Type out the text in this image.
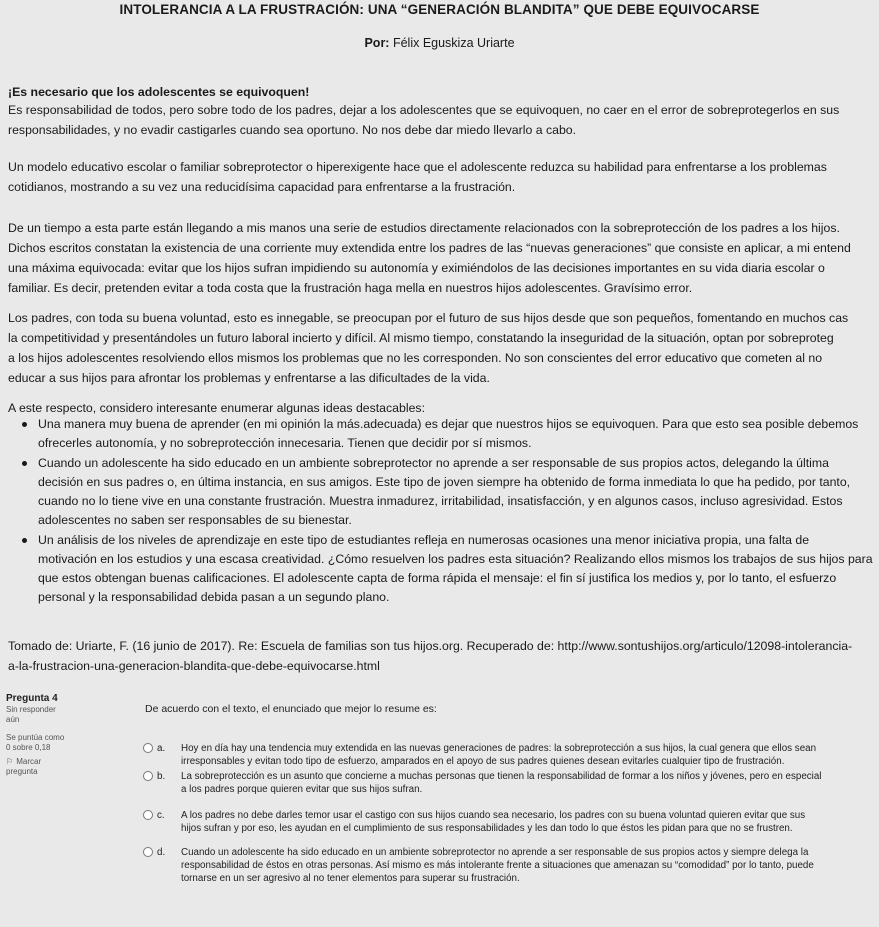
INTOLERANCIA A LA FRUSTRACIÓN: UNA “GENERACIÓN BLANDITA” QUE DEBE EQUIVOCARSE
Por: Félix Eguskiza Uriarte
¡Es necesario que los adolescentes se equivoquen!
Es responsabilidad de todos, pero sobre todo de los padres, dejar a los adolescentes que se equivoquen, no caer en el error de sobreprotegerlos en sus
responsabilidades, y no evadir castigarles cuando sea oportuno. No nos debe dar miedo llevarlo a cabo.
Un modelo educativo escolar o familiar sobreprotector o hiperexigente hace que el adolescente reduzca su habilidad para enfrentarse a los problemas
cotidianos, mostrando a su vez una reducidísima capacidad para enfrentarse a la frustración.
De un tiempo a esta parte están llegando a mis manos una serie de estudios directamente relacionados con la sobreprotección de los padres a los hijos.
Dichos escritos constatan la existencia de una corriente muy extendida entre los padres de las “nuevas generaciones” que consiste en aplicar, a mi entend
una máxima equivocada: evitar que los hijos sufran impidiendo su autonomía y eximiéndolos de las decisiones importantes en su vida diaria escolar o
familiar. Es decir, pretenden evitar a toda costa que la frustración haga mella en nuestros hijos adolescentes. Gravísimo error.
Los padres, con toda su buena voluntad, esto es innegable, se preocupan por el futuro de sus hijos desde que son pequeños, fomentando en muchos cas
la competitividad y presentándoles un futuro laboral incierto y difícil. Al mismo tiempo, constatando la inseguridad de la situación, optan por sobreproteg
a los hijos adolescentes resolviendo ellos mismos los problemas que no les corresponden. No son conscientes del error educativo que cometen al no
educar a sus hijos para afrontar los problemas y enfrentarse a las dificultades de la vida.
A este respecto, considero interesante enumerar algunas ideas destacables:
Una manera muy buena de aprender (en mi opinión la más.adecuada) es dejar que nuestros hijos se equivoquen. Para que esto sea posible debemos
ofrecerles autonomía, y no sobreprotección innecesaria. Tienen que decidir por sí mismos.
Cuando un adolescente ha sido educado en un ambiente sobreprotector no aprende a ser responsable de sus propios actos, delegando la última
decisión en sus padres o, en última instancia, en sus amigos. Este tipo de joven siempre ha obtenido de forma inmediata lo que ha pedido, por tanto,
cuando no lo tiene vive en una constante frustración. Muestra inmadurez, irritabilidad, insatisfacción, y en algunos casos, incluso agresividad. Estos
adolescentes no saben ser responsables de su bienestar.
Un análisis de los niveles de aprendizaje en este tipo de estudiantes refleja en numerosas ocasiones una menor iniciativa propia, una falta de
motivación en los estudios y una escasa creatividad. ¿Cómo resuelven los padres esta situación? Realizando ellos mismos los trabajos de sus hijos para
que estos obtengan buenas calificaciones. El adolescente capta de forma rápida el mensaje: el fin sí justifica los medios y, por lo tanto, el esfuerzo
personal y la responsabilidad debida pasan a un segundo plano.
Tomado de: Uriarte, F. (16 junio de 2017). Re: Escuela de familias son tus hijos.org. Recuperado de: http://www.sontushijos.org/articulo/12098-intolerancia-
a-la-frustracion-una-generacion-blandita-que-debe-equivocarse.html
Pregunta 4
Sin responder
aún
Se puntúa como
0 sobre 0,18
⚐ Marcar
pregunta
De acuerdo con el texto, el enunciado que mejor lo resume es:
a. Hoy en día hay una tendencia muy extendida en las nuevas generaciones de padres: la sobreprotección a sus hijos, la cual genera que ellos sean
irresponsables y evitan todo tipo de esfuerzo, amparados en el apoyo de sus padres quienes desean evitarles cualquier tipo de frustración.
b. La sobreprotección es un asunto que concierne a muchas personas que tienen la responsabilidad de formar a los niños y jóvenes, pero en especial
a los padres porque quieren evitar que sus hijos sufran.
c. A los padres no debe darles temor usar el castigo con sus hijos cuando sea necesario, los padres con su buena voluntad quieren evitar que sus
hijos sufran y por eso, les ayudan en el cumplimiento de sus responsabilidades y les dan todo lo que éstos les pidan para que no se frustren.
d. Cuando un adolescente ha sido educado en un ambiente sobreprotector no aprende a ser responsable de sus propios actos y siempre delega la
responsabilidad de éstos en otras personas. Así mismo es más intolerante frente a situaciones que amenazan su “comodidad” por lo tanto, puede
tornarse en un ser agresivo al no tener elementos para superar su frustración.
